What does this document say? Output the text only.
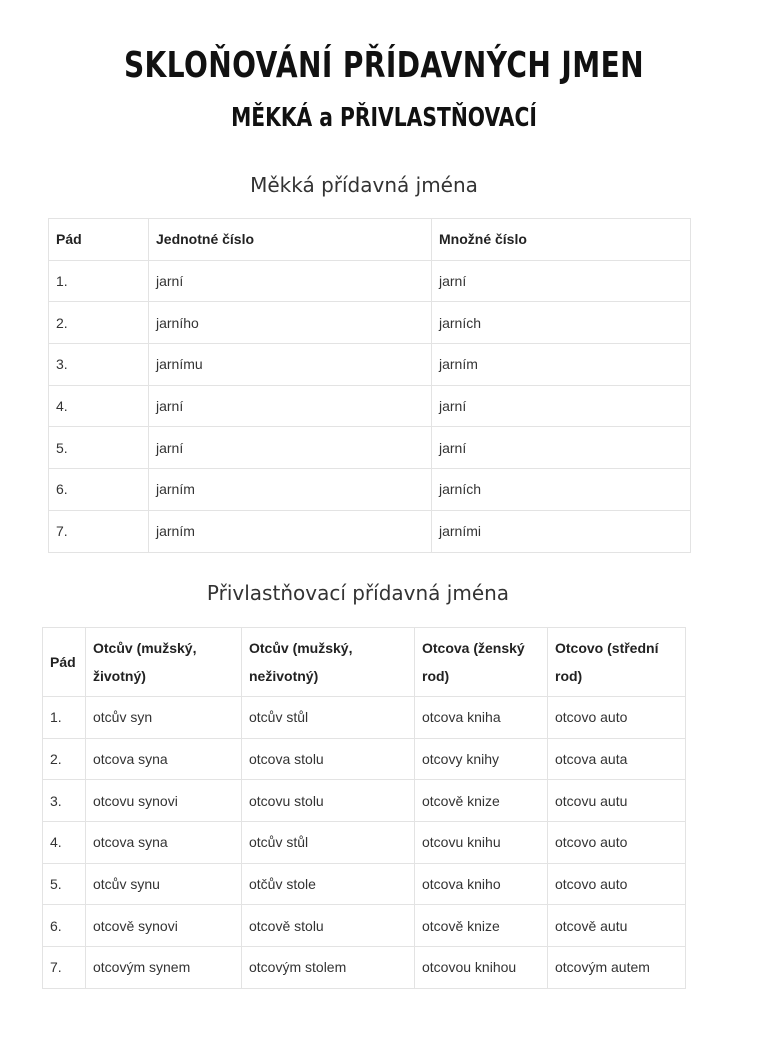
SKLOŇOVÁNÍ PŘÍDAVNÝCH JMEN
MĚKKÁ a PŘIVLASTŇOVACÍ
Měkká přídavná jména
Pád	Jednotné číslo	Množné číslo
1.	jarní	jarní
2.	jarního	jarních
3.	jarnímu	jarním
4.	jarní	jarní
5.	jarní	jarní
6.	jarním	jarních
7.	jarním	jarními
Přivlastňovací přídavná jména
Pád	Otcův (mužský, životný)	Otcův (mužský, neživotný)	Otcova (ženský rod)	Otcovo (střední rod)
1.	otcův syn	otcův stůl	otcova kniha	otcovo auto
2.	otcova syna	otcova stolu	otcovy knihy	otcova auta
3.	otcovu synovi	otcovu stolu	otcově knize	otcovu autu
4.	otcova syna	otcův stůl	otcovu knihu	otcovo auto
5.	otcův synu	otčův stole	otcova kniho	otcovo auto
6.	otcově synovi	otcově stolu	otcově knize	otcově autu
7.	otcovým synem	otcovým stolem	otcovou knihou	otcovým autem
